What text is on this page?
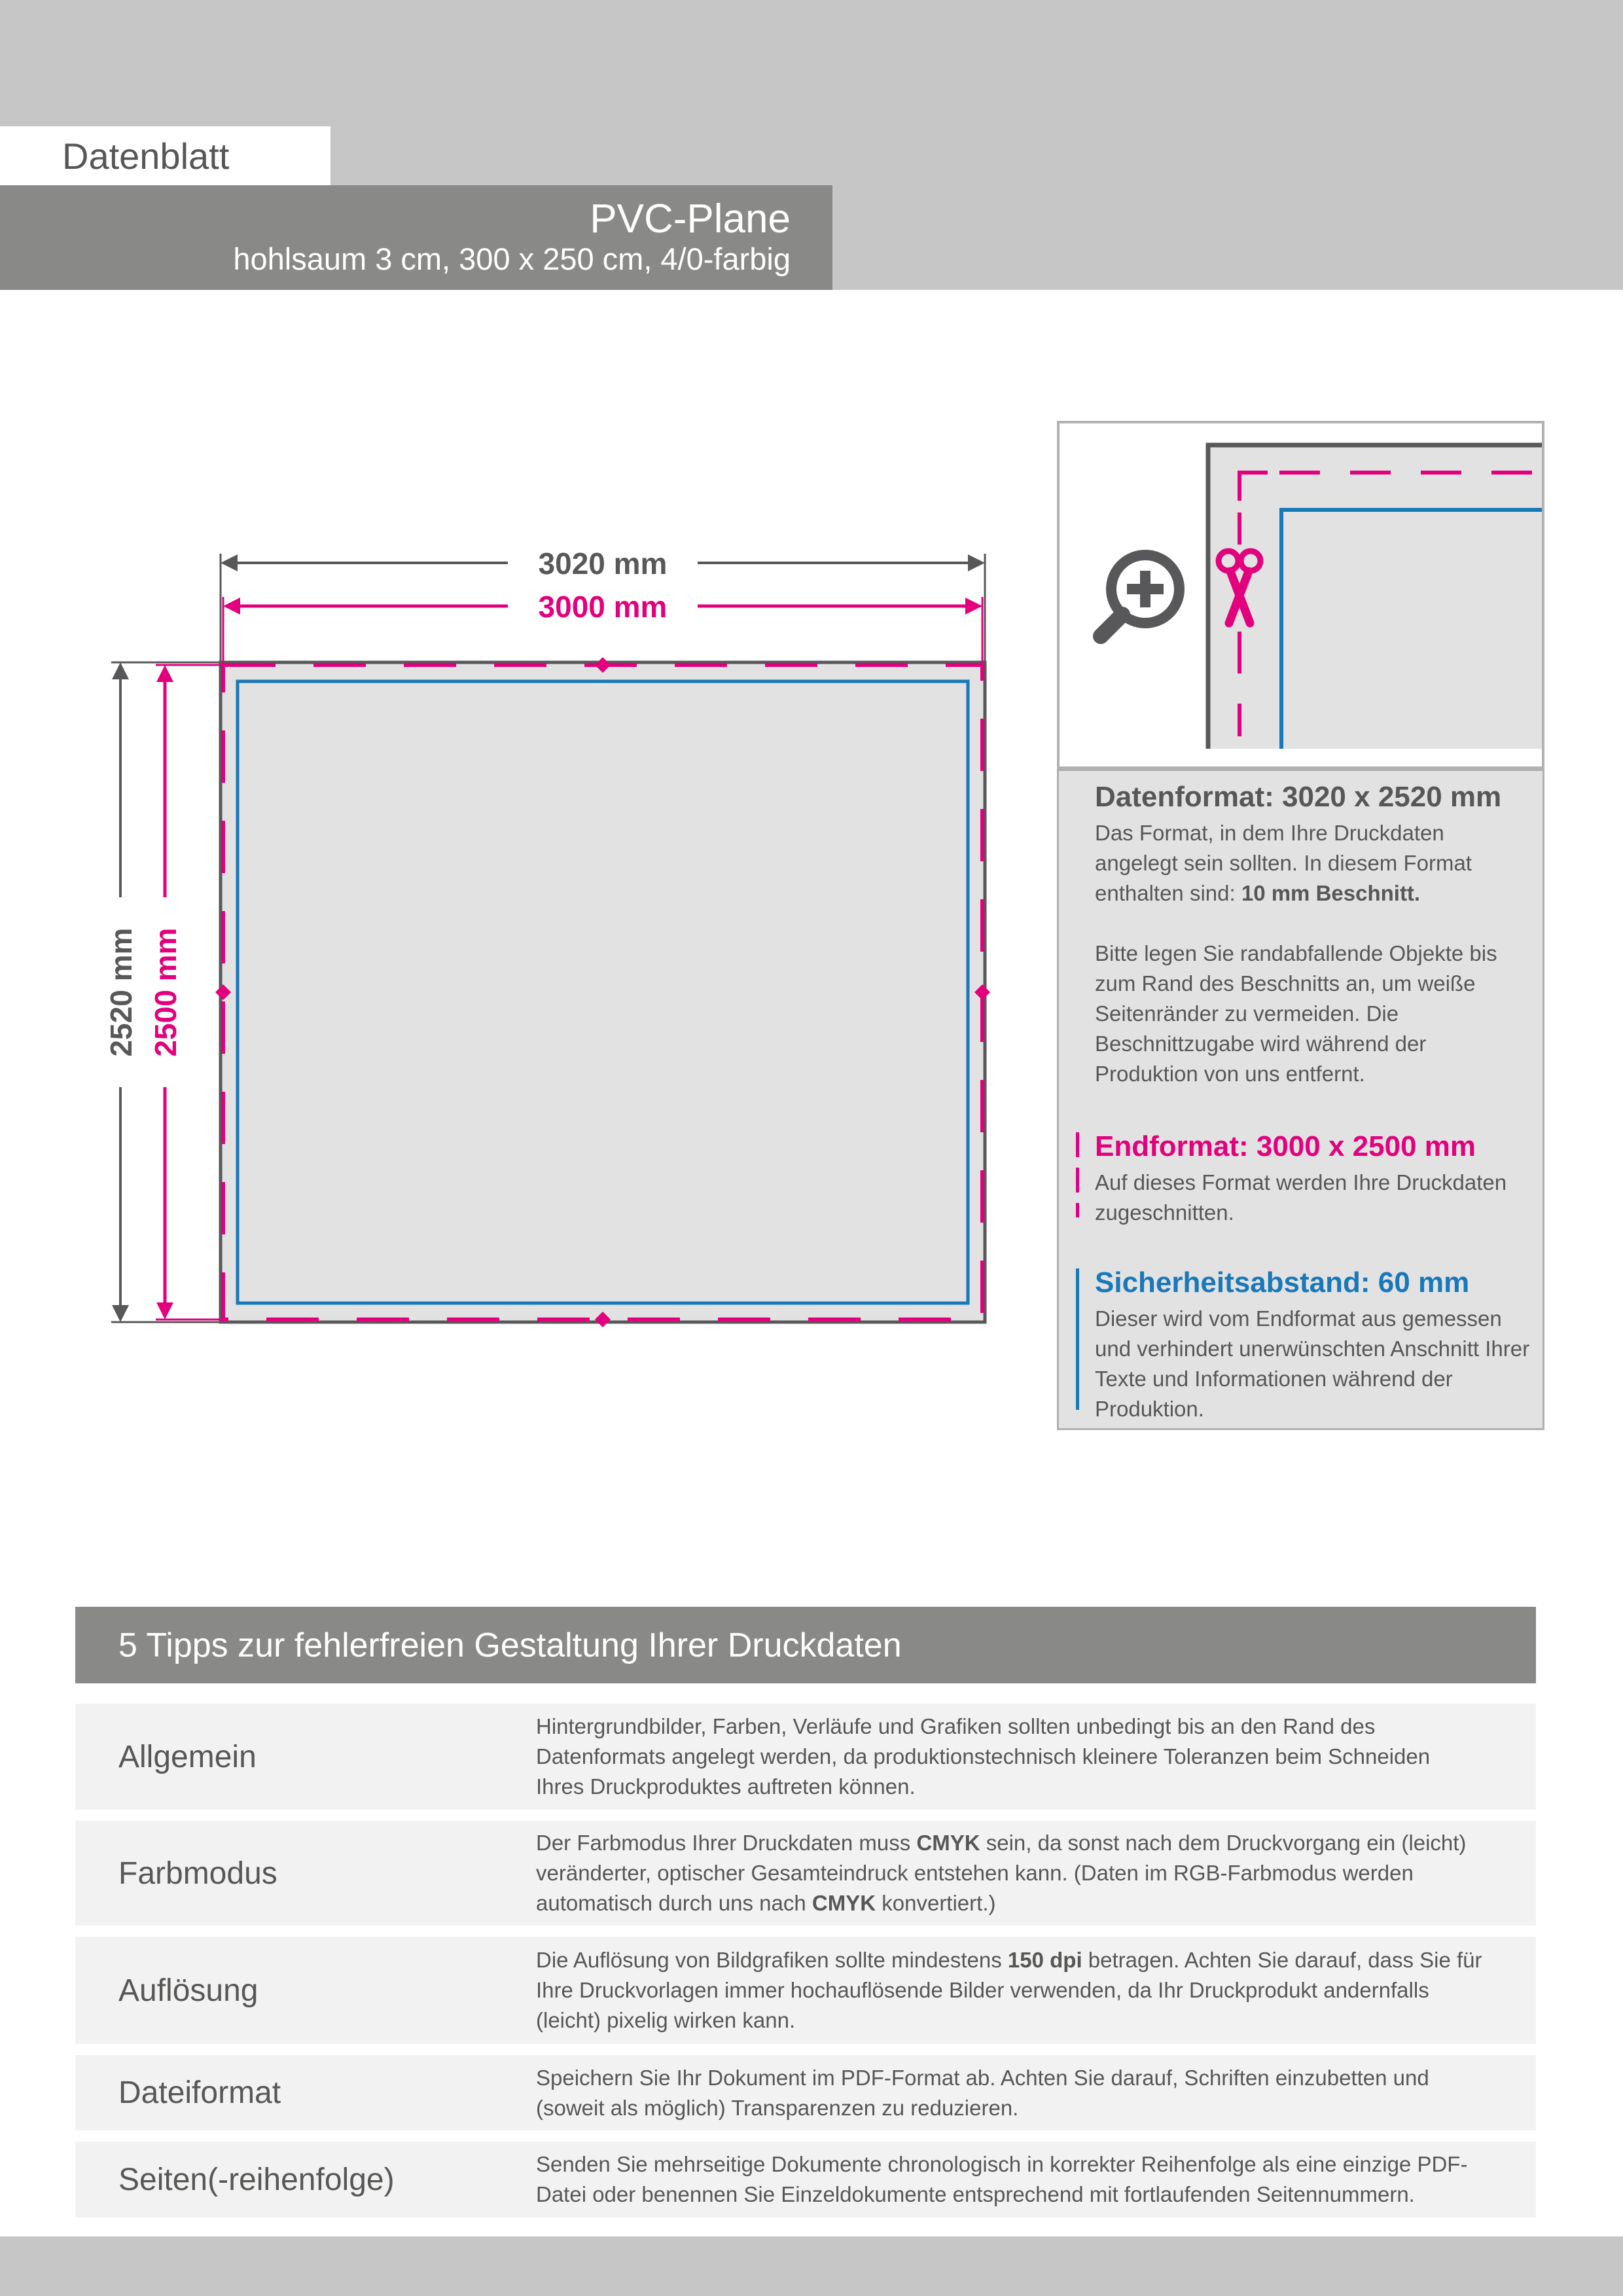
Datenblatt
PVC-Plane
hohlsaum 3 cm, 300 x 250 cm, 4/0-farbig
3020 mm
3000 mm
2520 mm 2500 mm
Datenformat: 3020 x 2520 mm
Das Format, in dem Ihre Druckdaten angelegt sein sollten. In diesem Format enthalten sind: 10 mm Beschnitt.
Bitte legen Sie randabfallende Objekte bis zum Rand des Beschnitts an, um weiße Seitenränder zu vermeiden. Die Beschnittzugabe wird während der Produktion von uns entfernt.
Endformat: 3000 x 2500 mm
Auf dieses Format werden Ihre Druckdaten zugeschnitten.
Sicherheitsabstand: 60 mm
Dieser wird vom Endformat aus gemessen und verhindert unerwünschten Anschnitt Ihrer Texte und Informationen während der Produktion.
5 Tipps zur fehlerfreien Gestaltung Ihrer Druckdaten
Allgemein
Hintergrundbilder, Farben, Verläufe und Grafiken sollten unbedingt bis an den Rand des Datenformats angelegt werden, da produktionstechnisch kleinere Toleranzen beim Schneiden Ihres Druckproduktes auftreten können.
Farbmodus
Der Farbmodus Ihrer Druckdaten muss CMYK sein, da sonst nach dem Druckvorgang ein (leicht) veränderter, optischer Gesamteindruck entstehen kann. (Daten im RGB-Farbmodus werden automatisch durch uns nach CMYK konvertiert.)
Auflösung
Die Auflösung von Bildgrafiken sollte mindestens 150 dpi betragen. Achten Sie darauf, dass Sie für Ihre Druckvorlagen immer hochauflösende Bilder verwenden, da Ihr Druckprodukt andernfalls (leicht) pixelig wirken kann.
Dateiformat	Speichern Sie Ihr Dokument im PDF-Format ab. Achten Sie darauf, Schriften einzubetten und (soweit als möglich) Transparenzen zu reduzieren.
Seiten(-reihenfolge)	Senden Sie mehrseitige Dokumente chronologisch in korrekter Reihenfolge als eine einzige PDF-Datei oder benennen Sie Einzeldokumente entsprechend mit fortlaufenden Seitennummern.
